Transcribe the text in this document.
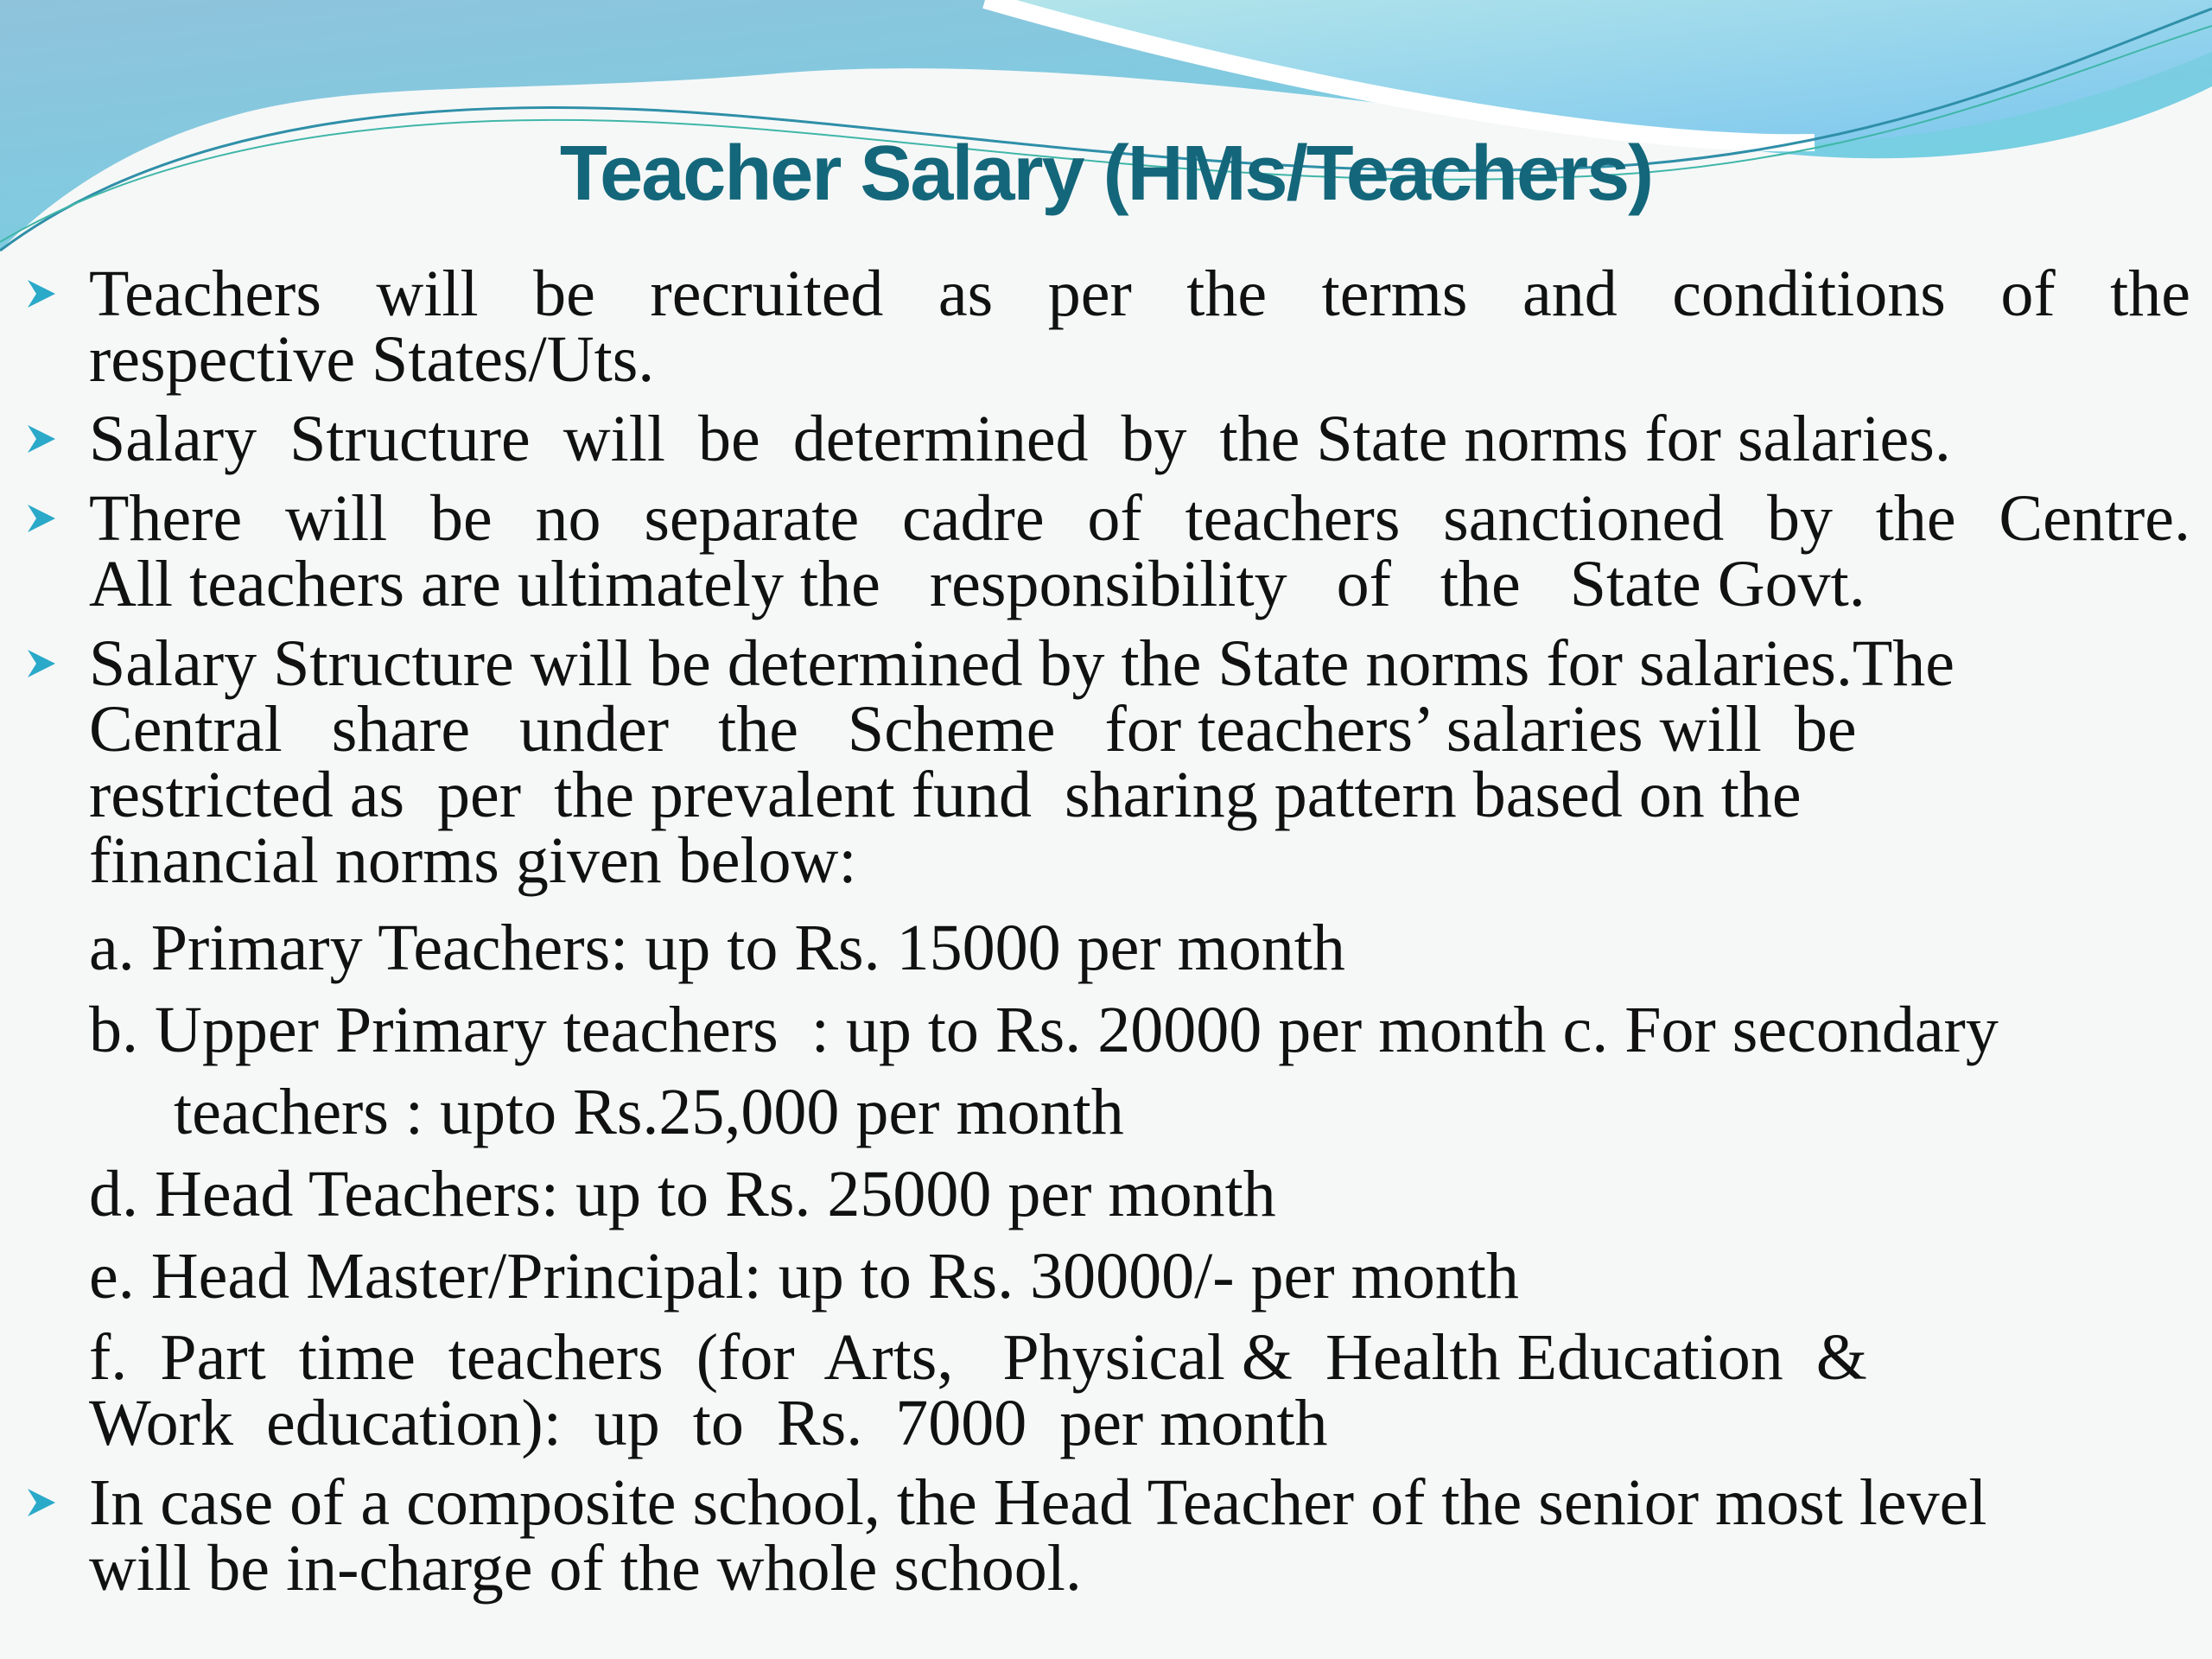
Teacher Salary (HMs/Teachers)
Teachers will be recruited as per the terms and conditions of the
respective States/Uts.
Salary  Structure  will  be  determined  by  the State norms for salaries.
There will be no separate cadre of teachers sanctioned by the Centre.
All teachers are ultimately the   responsibility   of   the   State Govt.
Salary Structure will be determined by the State norms for salaries.The
Central   share   under   the   Scheme   for teachers’ salaries will  be
restricted as  per  the prevalent fund  sharing pattern based on the
financial norms given below:
a. Primary Teachers: up to Rs. 15000 per month
b. Upper Primary teachers  : up to Rs. 20000 per month c. For secondary
teachers : upto Rs.25,000 per month
d. Head Teachers: up to Rs. 25000 per month
e. Head Master/Principal: up to Rs. 30000/- per month
f.  Part  time  teachers  (for  Arts,   Physical &  Health Education  &
Work  education):  up  to  Rs.  7000  per month
In case of a composite school, the Head Teacher of the senior most level
will be in-charge of the whole school.
